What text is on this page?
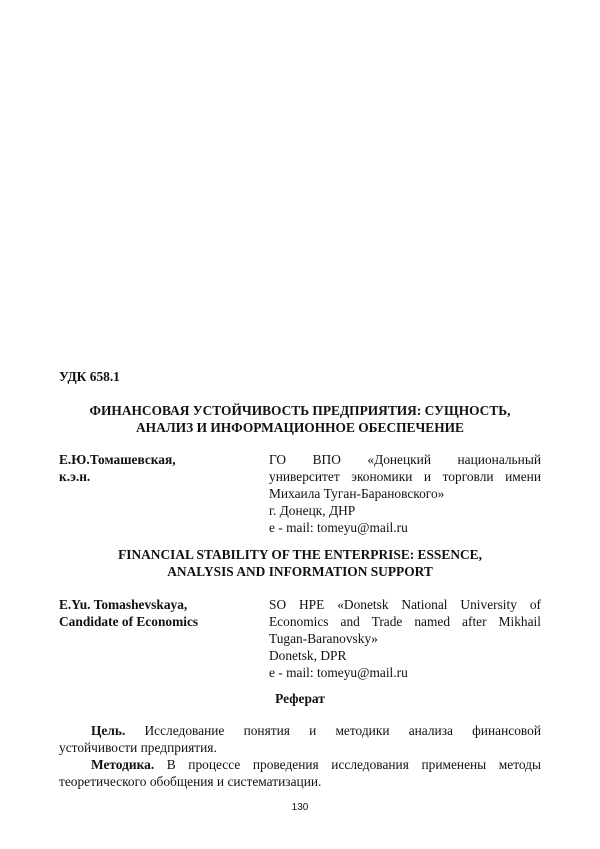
УДК 658.1
ФИНАНСОВАЯ УСТОЙЧИВОСТЬ ПРЕДПРИЯТИЯ: СУЩНОСТЬ,
АНАЛИЗ И ИНФОРМАЦИОННОЕ ОБЕСПЕЧЕНИЕ
Е.Ю.Томашевская,
к.э.н.
ГО ВПО «Донецкий национальный
университет экономики и торговли имени
Михаила Туган-Барановского»
г. Донецк, ДНР
e - mail: tomeyu@mail.ru
FINANCIAL STABILITY OF THE ENTERPRISE: ESSENCE,
ANALYSIS AND INFORMATION SUPPORT
E.Yu. Tomashevskaya,
Candidate of Economics
SO HPE «Donetsk National University of
Economics and Trade named after Mikhail
Tugan-Baranovsky»
Donetsk, DPR
e - mail: tomeyu@mail.ru
Реферат
Цель. Исследование понятия и методики анализа финансовой
устойчивости предприятия.
Методика. В процессе проведения исследования применены методы
теоретического обобщения и систематизации.
130
